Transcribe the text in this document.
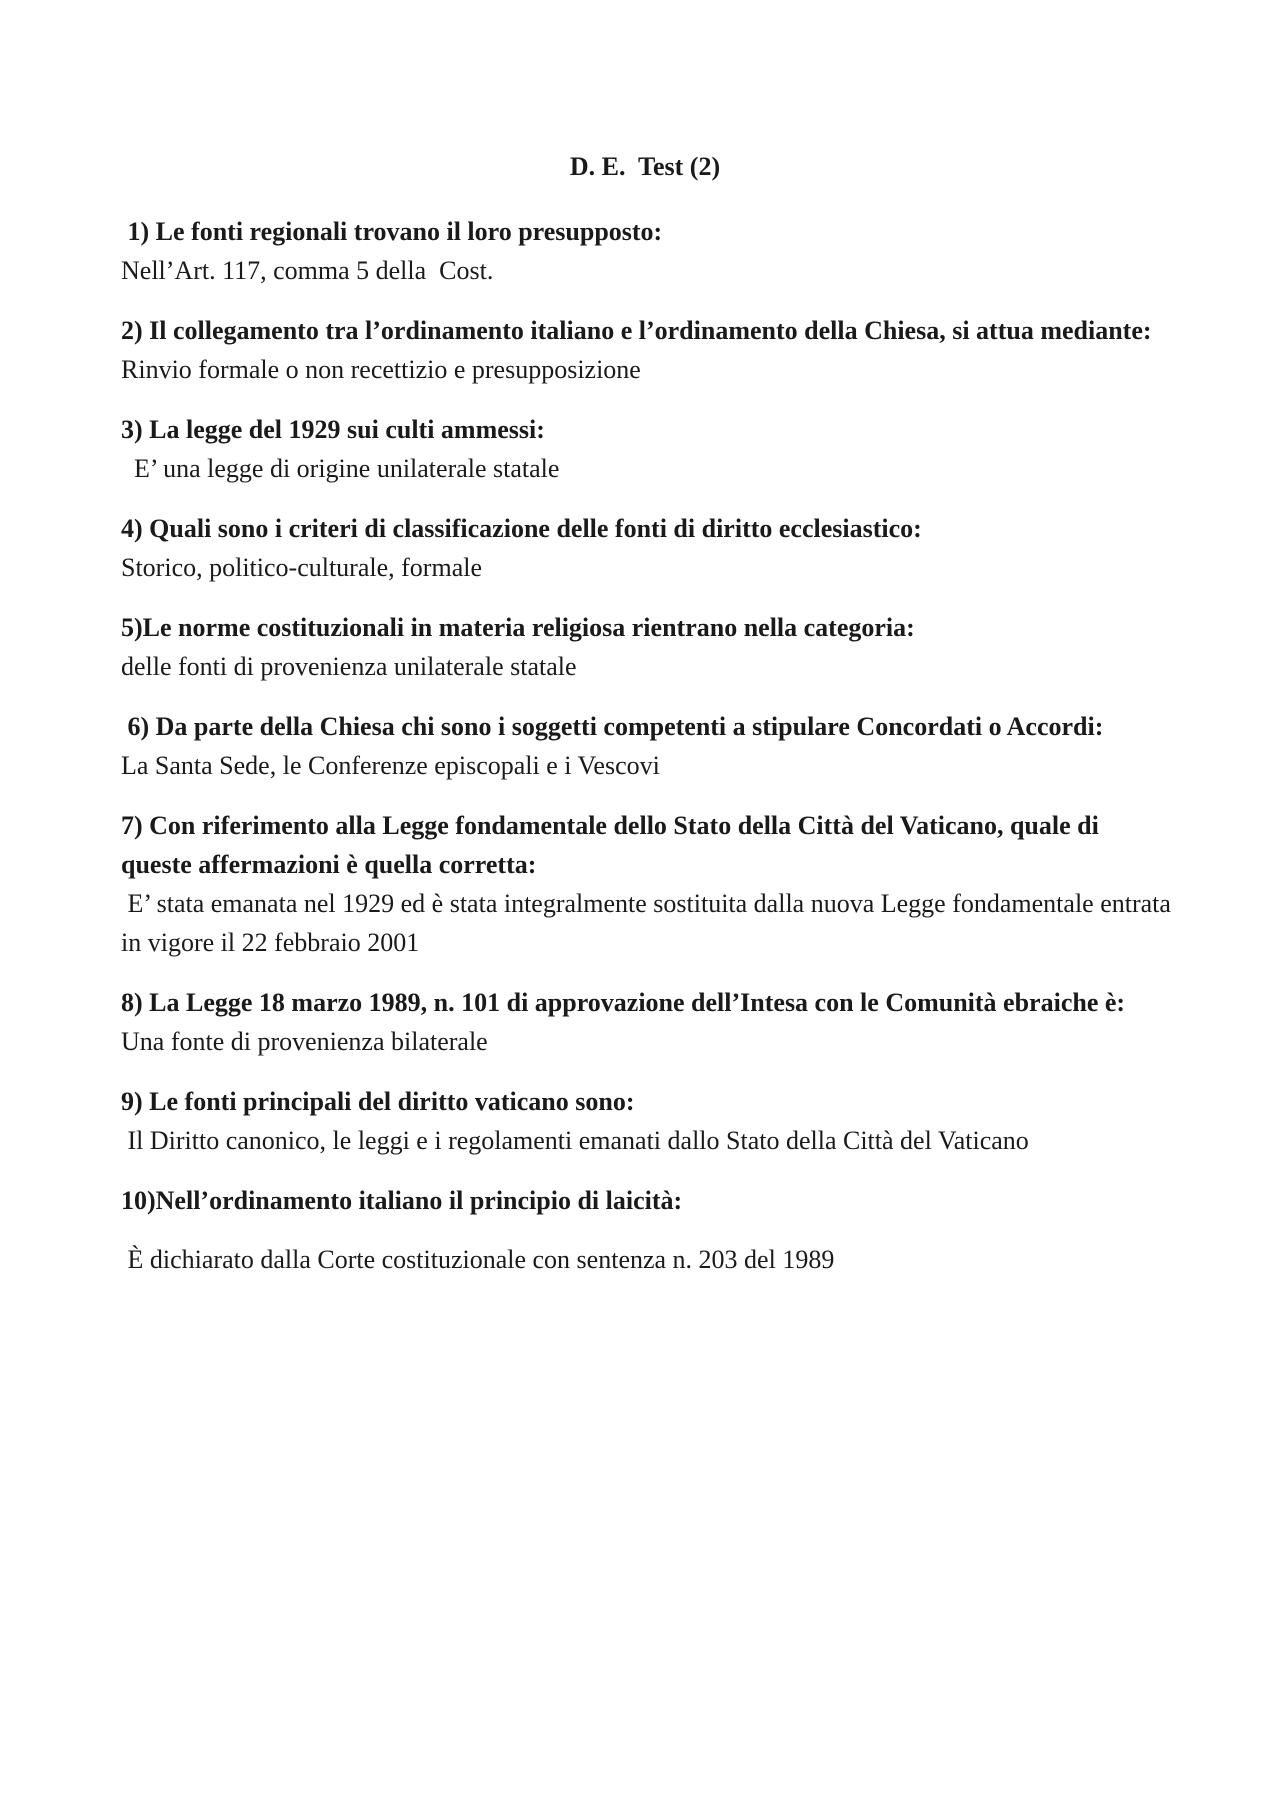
D. E.  Test (2)

1) Le fonti regionali trovano il loro presupposto:

Nell’Art. 117, comma 5 della  Cost.

2) Il collegamento tra l’ordinamento italiano e l’ordinamento della Chiesa, si attua mediante:

Rinvio formale o non recettizio e presupposizione

3) La legge del 1929 sui culti ammessi:

E’ una legge di origine unilaterale statale

4) Quali sono i criteri di classificazione delle fonti di diritto ecclesiastico:

Storico, politico-culturale, formale

5)Le norme costituzionali in materia religiosa rientrano nella categoria:

delle fonti di provenienza unilaterale statale

6) Da parte della Chiesa chi sono i soggetti competenti a stipulare Concordati o Accordi:

La Santa Sede, le Conferenze episcopali e i Vescovi

7) Con riferimento alla Legge fondamentale dello Stato della Città del Vaticano, quale di queste affermazioni è quella corretta:

E’ stata emanata nel 1929 ed è stata integralmente sostituita dalla nuova Legge fondamentale entrata in vigore il 22 febbraio 2001

8) La Legge 18 marzo 1989, n. 101 di approvazione dell’Intesa con le Comunità ebraiche è:

Una fonte di provenienza bilaterale

9) Le fonti principali del diritto vaticano sono:

Il Diritto canonico, le leggi e i regolamenti emanati dallo Stato della Città del Vaticano

10)Nell’ordinamento italiano il principio di laicità:

È dichiarato dalla Corte costituzionale con sentenza n. 203 del 1989
